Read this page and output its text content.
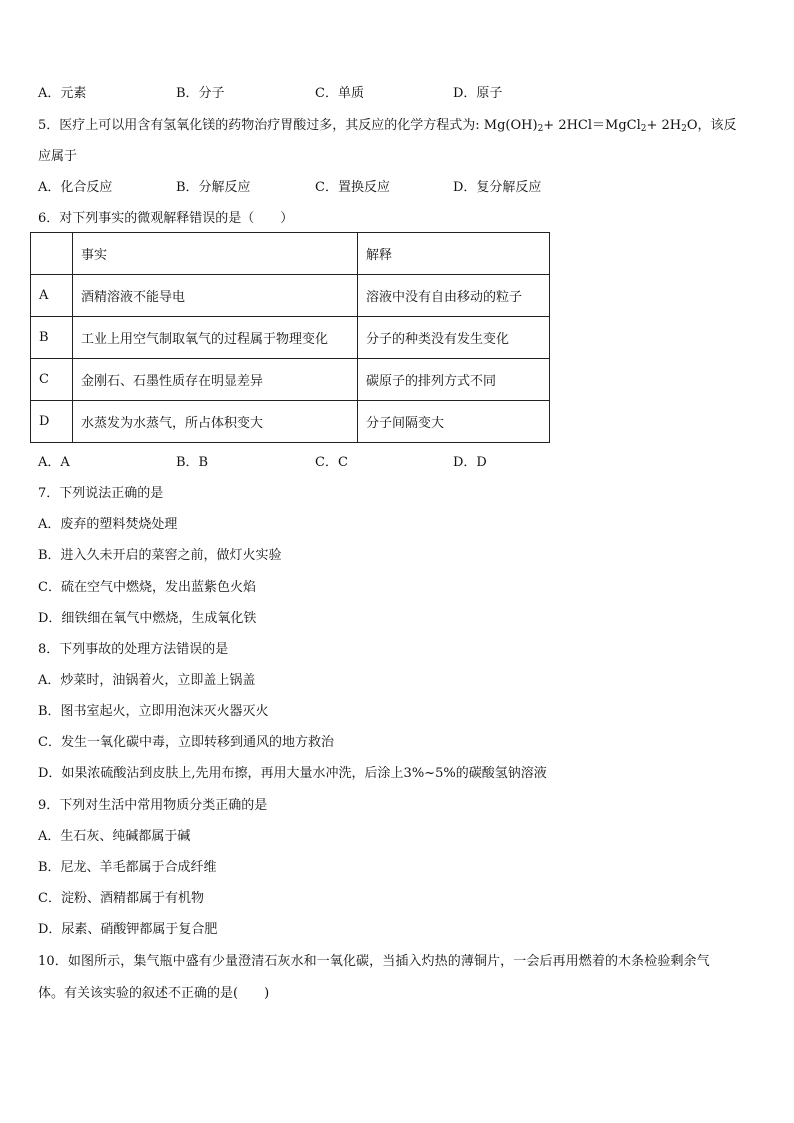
A．元素	B．分子	C．单质	D．原子
5．医疗上可以用含有氢氧化镁的药物治疗胃酸过多，其反应的化学方程式为: $Mg(OH)_2+$ 2HCl＝MgCl$_2$+ $2H_2O$，该反
应属于
A．化合反应	B．分解反应	C．置换反应	D．复分解反应
6．对下列事实的微观解释错误的是（　　）
	事实	解释
A	酒精溶液不能导电	溶液中没有自由移动的粒子
B	工业上用空气制取氧气的过程属于物理变化	分子的种类没有发生变化
C	金刚石、石墨性质存在明显差异	碳原子的排列方式不同
D	水蒸发为水蒸气，所占体积变大	分子间隔变大
A．A	B．B	C．C	D．D
7．下列说法正确的是
A．废弃的塑料焚烧处理
B．进入久未开启的菜窖之前，做灯火实验
C．硫在空气中燃烧，发出蓝紫色火焰
D．细铁细在氧气中燃烧，生成氧化铁
8．下列事故的处理方法错误的是
A．炒菜时，油锅着火，立即盖上锅盖
B．图书室起火，立即用泡沫灭火器灭火
C．发生一氧化碳中毒，立即转移到通风的地方救治
D．如果浓硫酸沾到皮肤上,先用布擦，再用大量水冲洗，后涂上3%~5%的碳酸氢钠溶液
9．下列对生活中常用物质分类正确的是
A．生石灰、纯碱都属于碱
B．尼龙、羊毛都属于合成纤维
C．淀粉、酒精都属于有机物
D．尿素、硝酸钾都属于复合肥
10．如图所示，集气瓶中盛有少量澄清石灰水和一氧化碳，当插入灼热的薄铜片，一会后再用燃着的木条检验剩余气
体。有关该实验的叙述不正确的是(　　)
